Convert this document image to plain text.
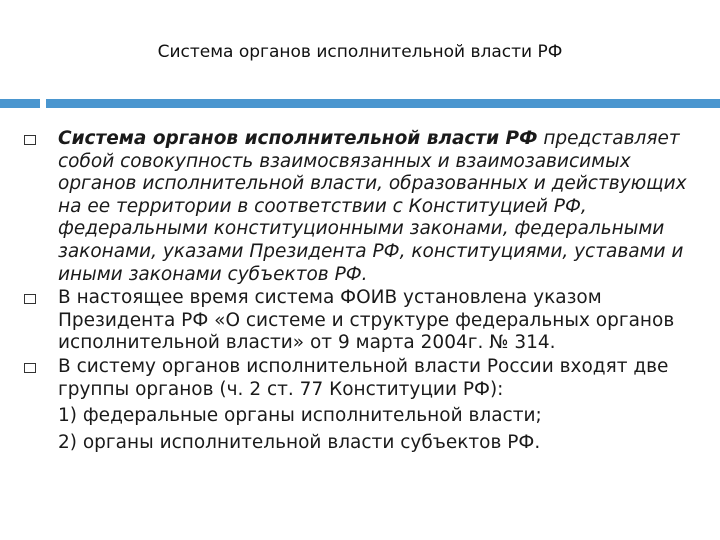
Система органов исполнительной власти РФ
Система органов исполнительной власти РФ представляет собой совокупность взаимосвязанных и взаимозависимых органов исполнительной власти, образованных и действующих на ее территории в соответствии с Конституцией РФ, федеральными конституционными законами, федеральными законами, указами Президента РФ, конституциями, уставами и иными законами субъектов РФ.
В настоящее время система ФОИВ установлена указом Президента РФ «О системе и структуре федеральных органов исполнительной власти» от 9 марта 2004г. № 314.
В систему органов исполнительной власти России входят две группы органов (ч. 2 ст. 77 Конституции РФ):
1) федеральные органы исполнительной власти;
2) органы исполнительной власти субъектов РФ.
